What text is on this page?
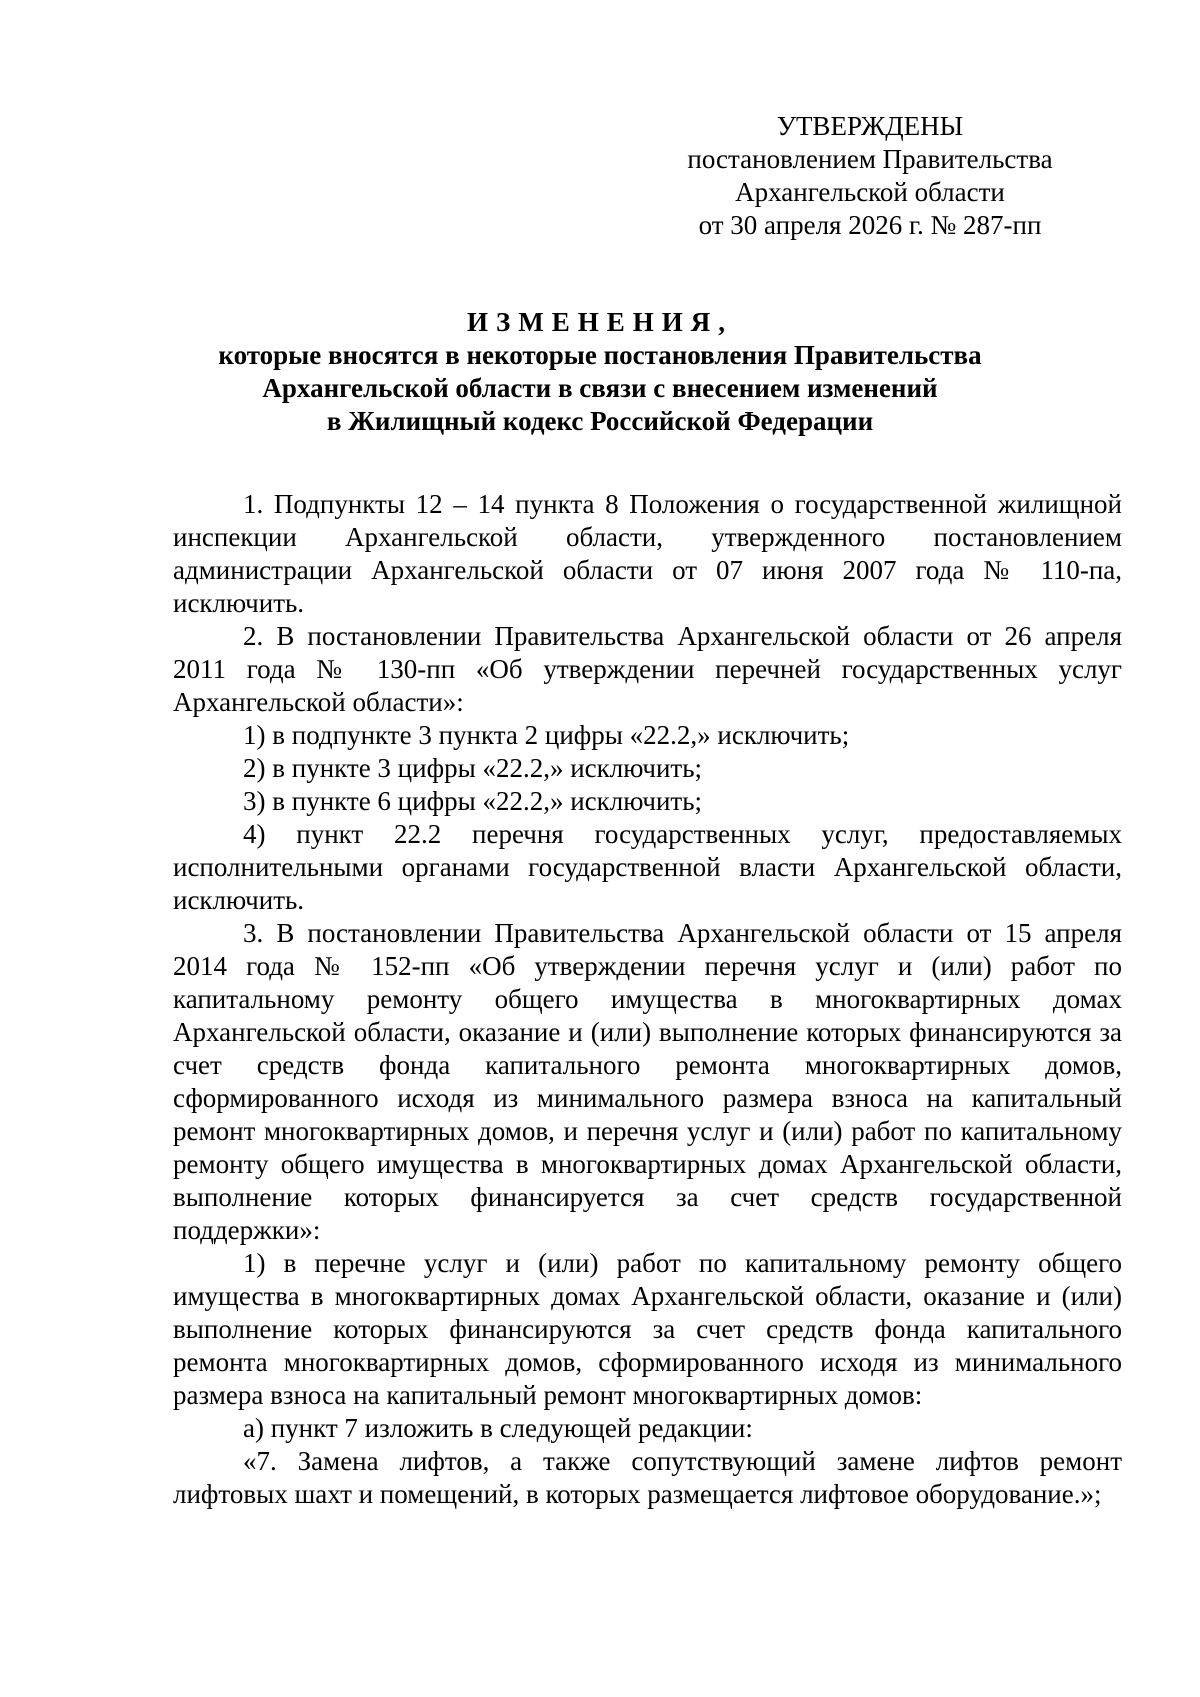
УТВЕРЖДЕНЫ
постановлением Правительства
Архангельской области
от 30 апреля 2026 г. № 287-пп
ИЗМЕНЕНИЯ,
которые вносятся в некоторые постановления Правительства
Архангельской области в связи с внесением изменений
в Жилищный кодекс Российской Федерации

1. Подпункты 12 – 14 пункта 8 Положения о государственной жилищной инспекции Архангельской области, утвержденного постановлением администрации Архангельской области от 07 июня 2007 года № 110-па, исключить.

2. В постановлении Правительства Архангельской области от 26 апреля 2011 года № 130-пп «Об утверждении перечней государственных услуг Архангельской области»:

1) в подпункте 3 пункта 2 цифры «22.2,» исключить;

2) в пункте 3 цифры «22.2,» исключить;

3) в пункте 6 цифры «22.2,» исключить;

4) пункт 22.2 перечня государственных услуг, предоставляемых исполнительными органами государственной власти Архангельской области, исключить.

3. В постановлении Правительства Архангельской области от 15 апреля 2014 года № 152-пп «Об утверждении перечня услуг и (или) работ по капитальному ремонту общего имущества в многоквартирных домах Архангельской области, оказание и (или) выполнение которых финансируются за счет средств фонда капитального ремонта многоквартирных домов, сформированного исходя из минимального размера взноса на капитальный ремонт многоквартирных домов, и перечня услуг и (или) работ по капитальному ремонту общего имущества в многоквартирных домах Архангельской области, выполнение которых финансируется за счет средств государственной поддержки»:

1) в перечне услуг и (или) работ по капитальному ремонту общего имущества в многоквартирных домах Архангельской области, оказание и (или) выполнение которых финансируются за счет средств фонда капитального ремонта многоквартирных домов, сформированного исходя из минимального размера взноса на капитальный ремонт многоквартирных домов:

а) пункт 7 изложить в следующей редакции:

«7. Замена лифтов, а также сопутствующий замене лифтов ремонт лифтовых шахт и помещений, в которых размещается лифтовое оборудование.»;
